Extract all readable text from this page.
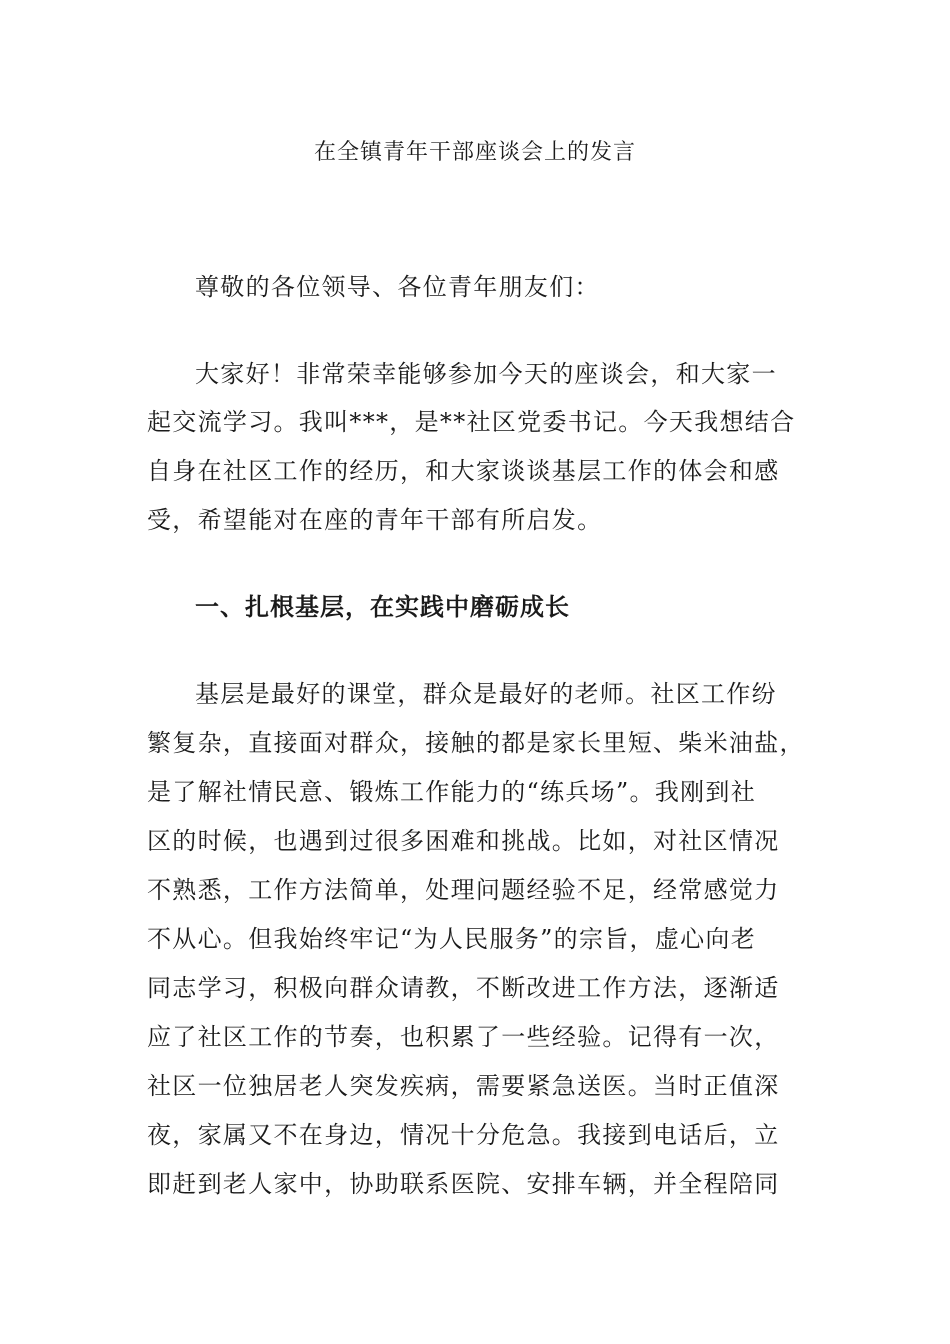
在全镇青年干部座谈会上的发言
尊敬的各位领导、各位青年朋友们：
大家好！非常荣幸能够参加今天的座谈会，和大家一
起交流学习。我叫***，是**社区党委书记。今天我想结合
自身在社区工作的经历，和大家谈谈基层工作的体会和感
受，希望能对在座的青年干部有所启发。
一、扎根基层，在实践中磨砺成长
基层是最好的课堂，群众是最好的老师。社区工作纷
繁复杂，直接面对群众，接触的都是家长里短、柴米油盐，
是了解社情民意、锻炼工作能力的“练兵场”。我刚到社
区的时候，也遇到过很多困难和挑战。比如，对社区情况
不熟悉，工作方法简单，处理问题经验不足，经常感觉力
不从心。但我始终牢记“为人民服务”的宗旨，虚心向老
同志学习，积极向群众请教，不断改进工作方法，逐渐适
应了社区工作的节奏，也积累了一些经验。记得有一次，
社区一位独居老人突发疾病，需要紧急送医。当时正值深
夜，家属又不在身边，情况十分危急。我接到电话后，立
即赶到老人家中，协助联系医院、安排车辆，并全程陪同
